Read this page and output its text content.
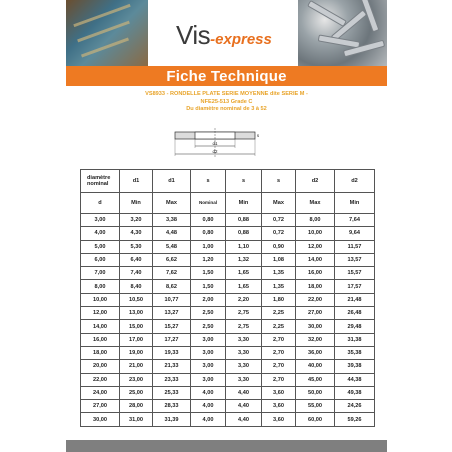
Vis-express
Fiche Technique
VS8933 - RONDELLE PLATE SERIE MOYENNE dite SERIE M -
NFE25-513 Grade C
Du diamètre nominal de 3 à 52
d1
d2
s
diamètre nominal	d1	d1	s	s	s	d2	d2
d	Min	Max	Nominal	Min	Max	Max	Min
3,00	3,20	3,38	0,80	0,88	0,72	8,00	7,64
4,00	4,30	4,48	0,80	0,88	0,72	10,00	9,64
5,00	5,30	5,48	1,00	1,10	0,90	12,00	11,57
6,00	6,40	6,62	1,20	1,32	1,08	14,00	13,57
7,00	7,40	7,62	1,50	1,65	1,35	16,00	15,57
8,00	8,40	8,62	1,50	1,65	1,35	18,00	17,57
10,00	10,50	10,77	2,00	2,20	1,80	22,00	21,48
12,00	13,00	13,27	2,50	2,75	2,25	27,00	26,48
14,00	15,00	15,27	2,50	2,75	2,25	30,00	29,48
16,00	17,00	17,27	3,00	3,30	2,70	32,00	31,38
18,00	19,00	19,33	3,00	3,30	2,70	36,00	35,38
20,00	21,00	21,33	3,00	3,30	2,70	40,00	39,38
22,00	23,00	23,33	3,00	3,30	2,70	45,00	44,38
24,00	25,00	25,33	4,00	4,40	3,60	50,00	49,38
27,00	28,00	28,33	4,00	4,40	3,60	55,00	24,26
30,00	31,00	31,39	4,00	4,40	3,60	60,00	59,26
